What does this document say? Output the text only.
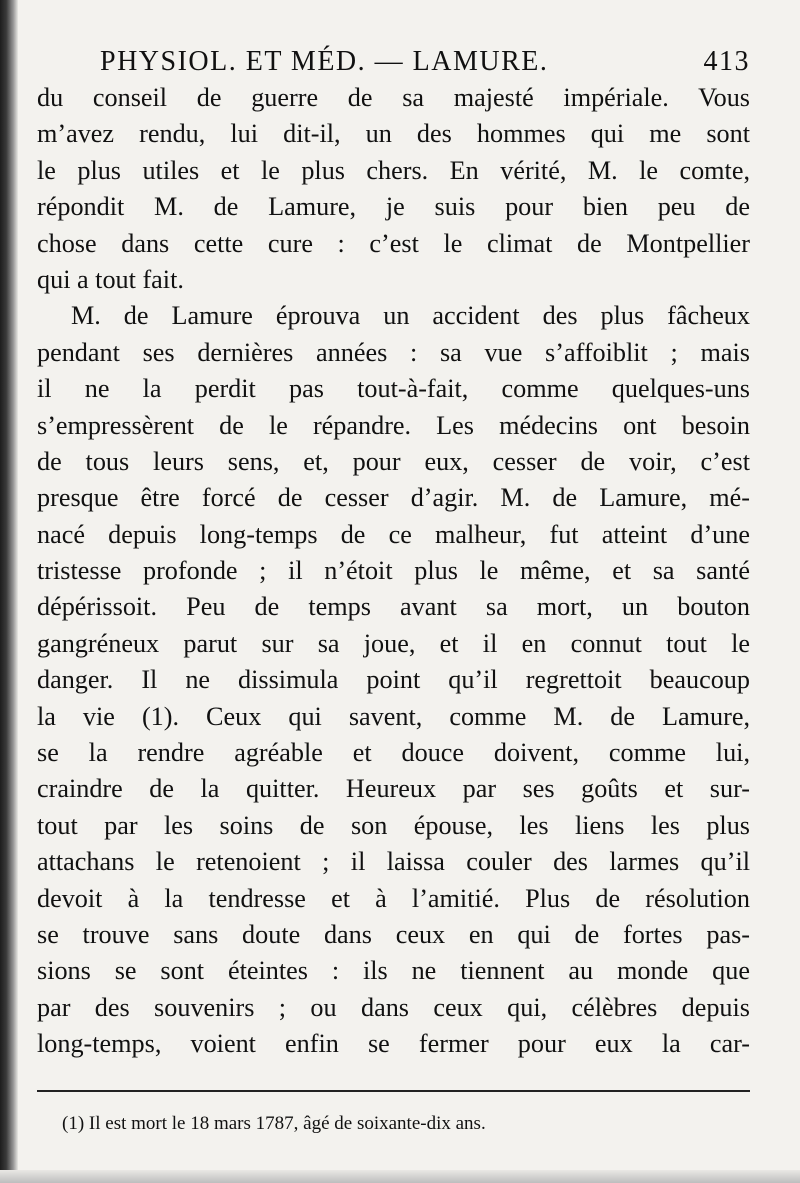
PHYSIOL. ET MÉD. — LAMURE.	413
du conseil de guerre de sa majesté impériale. Vous
m’avez rendu, lui dit-il, un des hommes qui me sont
le plus utiles et le plus chers. En vérité, M. le comte,
répondit M. de Lamure, je suis pour bien peu de
chose dans cette cure : c’est le climat de Montpellier
qui a tout fait.
M. de Lamure éprouva un accident des plus fâcheux
pendant ses dernières années : sa vue s’affoiblit ; mais
il ne la perdit pas tout-à-fait, comme quelques-uns
s’empressèrent de le répandre. Les médecins ont besoin
de tous leurs sens, et, pour eux, cesser de voir, c’est
presque être forcé de cesser d’agir. M. de Lamure, mé-
nacé depuis long-temps de ce malheur, fut atteint d’une
tristesse profonde ; il n’étoit plus le même, et sa santé
dépérissoit. Peu de temps avant sa mort, un bouton
gangréneux parut sur sa joue, et il en connut tout le
danger. Il ne dissimula point qu’il regrettoit beaucoup
la vie (1). Ceux qui savent, comme M. de Lamure,
se la rendre agréable et douce doivent, comme lui,
craindre de la quitter. Heureux par ses goûts et sur-
tout par les soins de son épouse, les liens les plus
attachans le retenoient ; il laissa couler des larmes qu’il
devoit à la tendresse et à l’amitié. Plus de résolution
se trouve sans doute dans ceux en qui de fortes pas-
sions se sont éteintes : ils ne tiennent au monde que
par des souvenirs ; ou dans ceux qui, célèbres depuis
long-temps, voient enfin se fermer pour eux la car-
(1) Il est mort le 18 mars 1787, âgé de soixante-dix ans.
